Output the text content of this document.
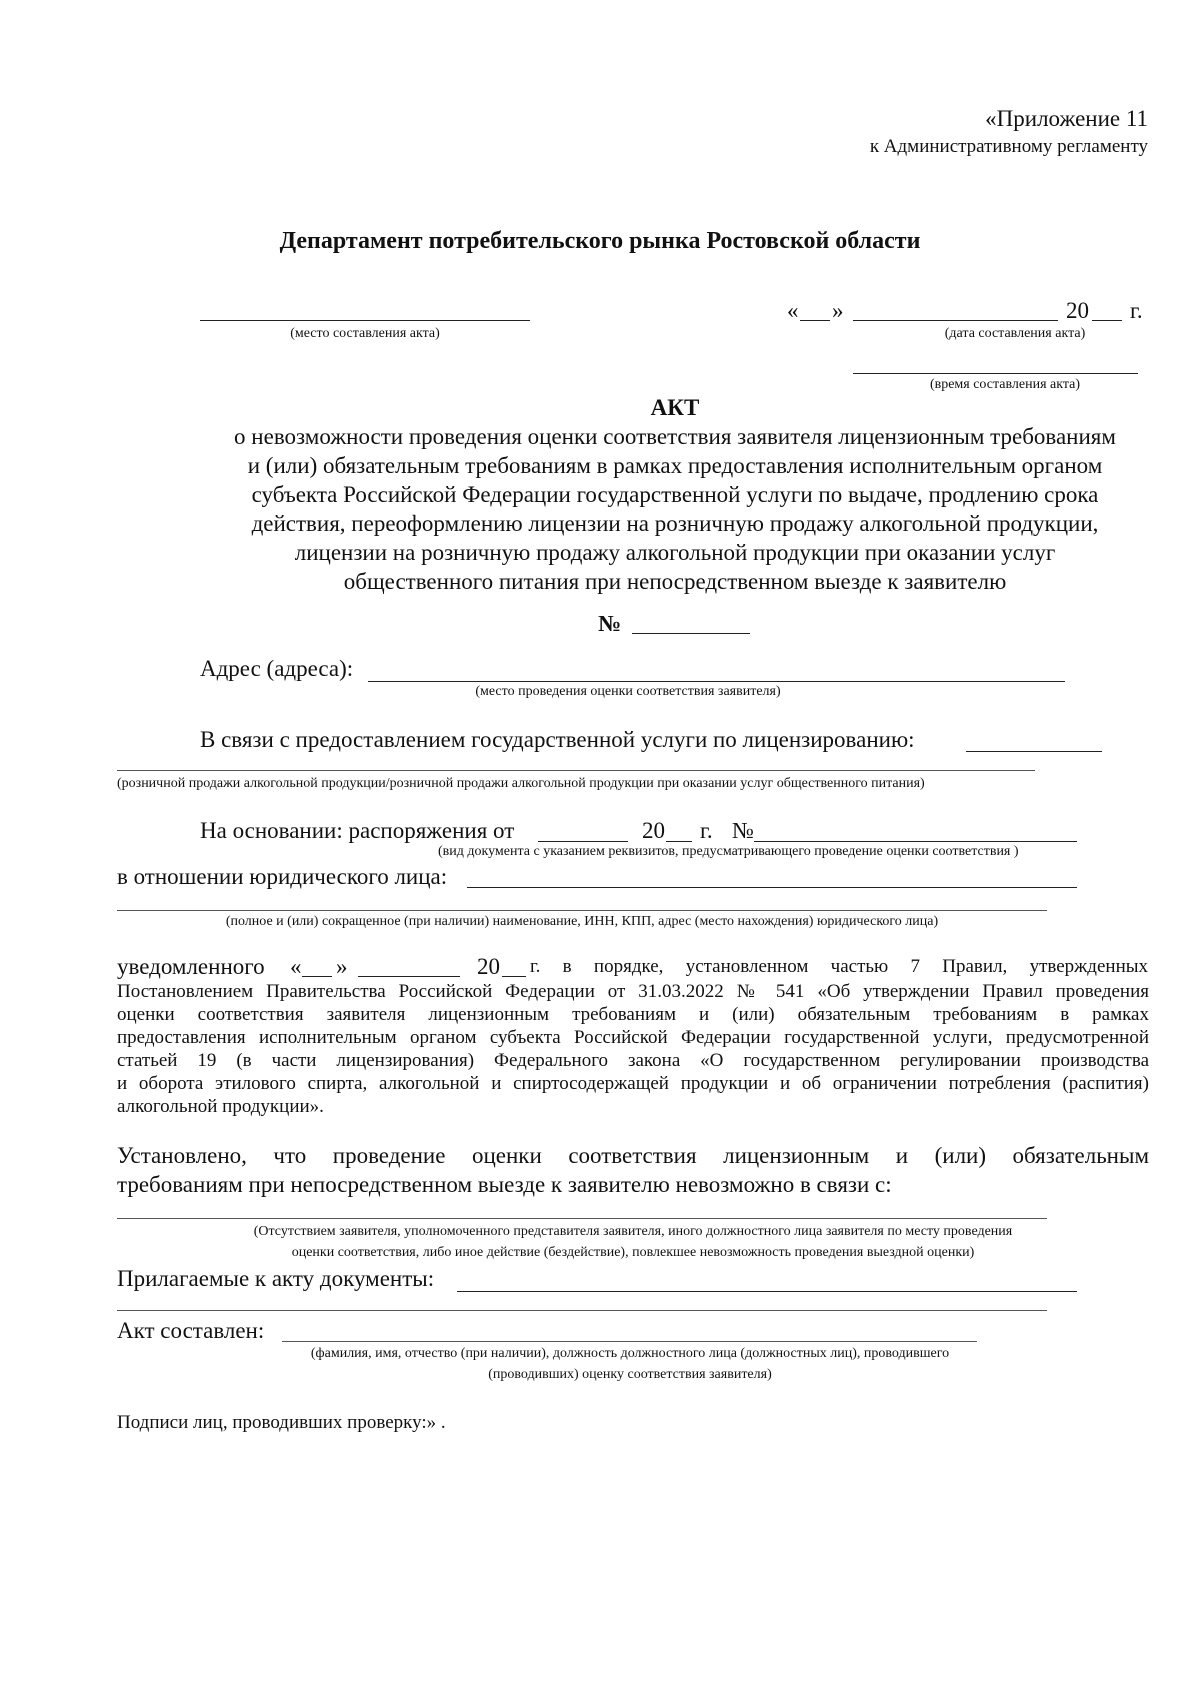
«Приложение 11
к Административному регламенту
Департамент потребительского рынка Ростовской области
(место составления акта)
« »	20 г.
(дата составления акта)
(время составления акта)
АКТ
о невозможности проведения оценки соответствия заявителя лицензионным требованиям
и (или) обязательным требованиям в рамках предоставления исполнительным органом
субъекта Российской Федерации государственной услуги по выдаче, продлению срока
действия, переоформлению лицензии на розничную продажу алкогольной продукции,
лицензии на розничную продажу алкогольной продукции при оказании услуг
общественного питания при непосредственном выезде к заявителю
№
Адрес (адреса):
(место проведения оценки соответствия заявителя)
В связи с предоставлением государственной услуги по лицензированию:
(розничной продажи алкогольной продукции/розничной продажи алкогольной продукции при оказании услуг общественного питания)
На основании: распоряжения от	20 г. №
(вид документа с указанием реквизитов, предусматривающего проведение оценки соответствия )
в отношении юридического лица:
(полное и (или) сокращенное (при наличии) наименование, ИНН, КПП, адрес (место нахождения) юридического лица)
уведомленного « »	20 г. в порядке, установленном частью 7 Правил, утвержденных
Постановлением Правительства Российской Федерации от 31.03.2022 № 541 «Об утверждении Правил проведения
оценки соответствия заявителя лицензионным требованиям и (или) обязательным требованиям в рамках
предоставления исполнительным органом субъекта Российской Федерации государственной услуги, предусмотренной
статьей 19 (в части лицензирования) Федерального закона «О государственном регулировании производства
и оборота этилового спирта, алкогольной и спиртосодержащей продукции и об ограничении потребления (распития)
алкогольной продукции».
Установлено, что проведение оценки соответствия лицензионным и (или) обязательным
требованиям при непосредственном выезде к заявителю невозможно в связи с:
(Отсутствием заявителя, уполномоченного представителя заявителя, иного должностного лица заявителя по месту проведения
оценки соответствия, либо иное действие (бездействие), повлекшее невозможность проведения выездной оценки)
Прилагаемые к акту документы:
Акт составлен:
(фамилия, имя, отчество (при наличии), должность должностного лица (должностных лиц), проводившего
(проводивших) оценку соответствия заявителя)
Подписи лиц, проводивших проверку:» .
